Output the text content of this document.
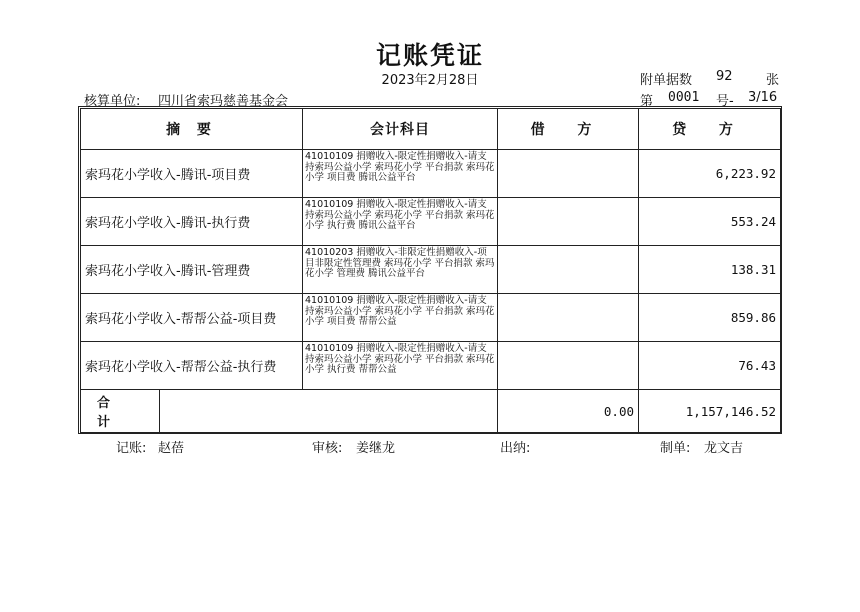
记账凭证
2023年2月28日	附单据数 92	张
核算单位: 四川省索玛慈善基金会	第 0001 号- 3/16
摘 要	会计科目	借 方	贷 方
索玛花小学收入-腾讯-项目费	41010109 捐赠收入-限定性捐赠收入-请支持索玛公益小学 索玛花小学 平台捐款 索玛花小学 项目费 腾讯公益平台		6,223.92
索玛花小学收入-腾讯-执行费	41010109 捐赠收入-限定性捐赠收入-请支持索玛公益小学 索玛花小学 平台捐款 索玛花小学 执行费 腾讯公益平台		553.24
索玛花小学收入-腾讯-管理费	41010203 捐赠收入-非限定性捐赠收入-项目非限定性管理费 索玛花小学 平台捐款 索玛花小学 管理费 腾讯公益平台		138.31
索玛花小学收入-帮帮公益-项目费	41010109 捐赠收入-限定性捐赠收入-请支持索玛公益小学 索玛花小学 平台捐款 索玛花小学 项目费 帮帮公益		859.86
索玛花小学收入-帮帮公益-执行费	41010109 捐赠收入-限定性捐赠收入-请支持索玛公益小学 索玛花小学 平台捐款 索玛花小学 执行费 帮帮公益		76.43

合 计		0.00	1,157,146.52
记账: 赵蓓	审核: 姜继龙	出纳:	制单: 龙文吉
